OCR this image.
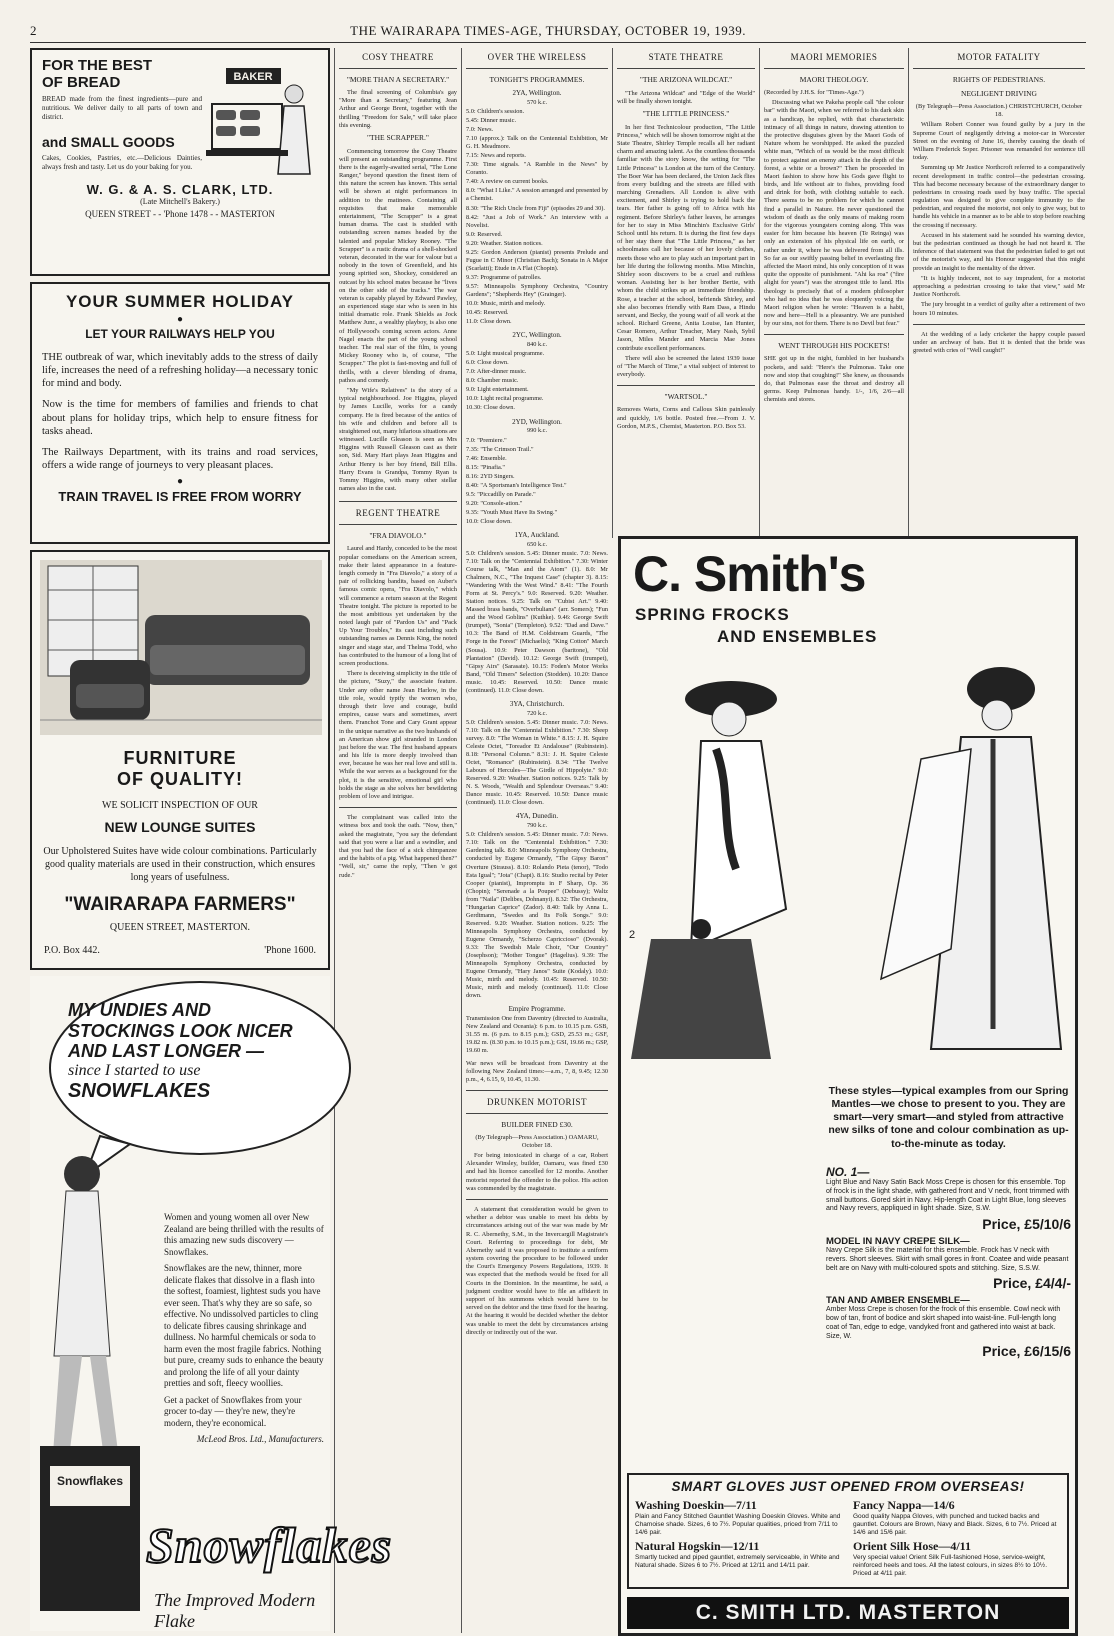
2	THE WAIRARAPA TIMES-AGE, THURSDAY, OCTOBER 19, 1939.
FOR THE BEST
OF BREAD
BREAD made from the finest ingredients—pure and nutritious. We deliver daily to all parts of town and district.
and SMALL GOODS
Cakes, Cookies, Pastries, etc.—Delicious Dainties, always fresh and tasty. Let us do your baking for you.
W. G. & A. S. CLARK, LTD.
(Late Mitchell's Bakery.)
QUEEN STREET - - 'Phone 1478 - - MASTERTON
BAKER
YOUR SUMMER HOLIDAY
●
LET YOUR RAILWAYS HELP YOU
THE outbreak of war, which inevitably adds to the stress of daily life, increases the need of a refreshing holiday—a necessary tonic for mind and body.
Now is the time for members of families and friends to chat about plans for holiday trips, which help to ensure fitness for tasks ahead.
The Railways Department, with its trains and road services, offers a wide range of journeys to very pleasant places.
●
TRAIN TRAVEL IS FREE FROM WORRY
FURNITURE
OF QUALITY!
WE SOLICIT INSPECTION OF OUR
NEW LOUNGE SUITES
Our Upholstered Suites have wide colour combinations. Particularly good quality materials are used in their construction, which ensures long years of usefulness.
"WAIRARAPA FARMERS"
QUEEN STREET, MASTERTON.
P.O. Box 442.	'Phone 1600.
MY UNDIES AND
STOCKINGS LOOK NICER
AND LAST LONGER —
since I started to use
SNOWFLAKES

Women and young women all over New Zealand are being thrilled with the results of this amazing new suds discovery — Snowflakes.

Snowflakes are the new, thinner, more delicate flakes that dissolve in a flash into the softest, foamiest, lightest suds you have ever seen. That's why they are so safe, so effective. No undissolved particles to cling to delicate fibres causing shrinkage and dullness. No harmful chemicals or soda to harm even the most fragile fabrics. Nothing but pure, creamy suds to enhance the beauty and prolong the life of all your dainty pretties and soft, fleecy woollies.

Get a packet of Snowflakes from your grocer to-day — they're new, they're modern, they're economical.

McLeod Bros. Ltd., Manufacturers.

Snowflakes
Snowflakes
The Improved Modern Flake
COSY THEATRE
"MORE THAN A SECRETARY."

The final screening of Columbia's gay "More than a Secretary," featuring Jean Arthur and George Brent, together with the thrilling "Freedom for Sale," will take place this evening.

"THE SCRAPPER."

Commencing tomorrow the Cosy Theatre will present an outstanding programme. First there is the eagerly-awaited serial, "The Lone Ranger," beyond question the finest item of this nature the screen has known. This serial will be shown at night performances in addition to the matinees. Containing all requisites that make memorable entertainment, "The Scrapper" is a great human drama. The cast is studded with outstanding screen names headed by the talented and popular Mickey Rooney. "The Scrapper" is a rustic drama of a shell-shocked veteran, decorated in the war for valour but a nobody in the town of Greenfield, and his young spirited son, Shockey, considered an outcast by his school mates because he "lives on the other side of the tracks." The war veteran is capably played by Edward Pawley, an experienced stage star who is seen in his initial dramatic role. Frank Shields as Jock Matthew Junr., a wealthy playboy, is also one of Hollywood's coming screen actors. Anne Nagel enacts the part of the young school teacher. The real star of the film, is young Mickey Rooney who is, of course, "The Scrapper." The plot is fast-moving and full of thrills, with a clever blending of drama, pathos and comedy.

"My Wife's Relatives" is the story of a typical neighbourhood. Joe Higgins, played by James Lucille, works for a candy company. He is fired because of the antics of his wife and children and before all is straightened out, many hilarious situations are witnessed. Lucille Gleason is seen as Mrs Higgins with Russell Gleason cast as their son, Sid. Mary Hart plays Jean Higgins and Arthur Henry is her boy friend, Bill Ellis. Harry Evans is Grandpa, Tommy Ryan is Tommy Higgins, with many other stellar names also in the cast.

REGENT THEATRE
"FRA DIAVOLO."

Laurel and Hardy, conceded to be the most popular comedians on the American screen, make their latest appearance in a feature-length comedy in "Fra Diavolo," a story of a pair of rollicking bandits, based on Auber's famous comic opera, "Fra Diavolo," which will commence a return season at the Regent Theatre tonight. The picture is reported to be the most ambitious yet undertaken by the noted laugh pair of "Pardon Us" and "Pack Up Your Troubles," its cast including such outstanding names as Dennis King, the noted singer and stage star, and Thelma Todd, who has contributed to the humour of a long list of screen productions.

There is deceiving simplicity in the title of the picture, "Suzy," the associate feature. Under any other name Jean Harlow, in the title role, would typify the women who, through their love and courage, build empires, cause wars and sometimes, avert them. Franchot Tone and Cary Grant appear in the unique narrative as the two husbands of an American show girl stranded in London just before the war. The first husband appears and his life is more deeply involved than ever, because he was her real love and still is. While the war serves as a background for the plot, it is the sensitive, emotional girl who holds the stage as she solves her bewildering problem of love and intrigue.

The complainant was called into the witness box and took the oath. "Now, then," asked the magistrate, "you say the defendant said that you were a liar and a swindler, and that you had the face of a sick chimpanzee and the habits of a pig. What happened then?" "Well, sir," came the reply, "Then 'e got rude."

OVER THE WIRELESS
TONIGHT'S PROGRAMMES.
2YA, Wellington.
570 k.c.
5.0: Children's session.
5.45: Dinner music.
7.0: News.
7.10 (approx.): Talk on the Centennial Exhibition, Mr G. H. Meadmore.
7.15: News and reports.
7.30: Time signals. "A Ramble in the News" by Coranto.
7.40: A review on current books.
8.0: "What I Like." A session arranged and presented by a Chemist.
8.30: "The Rich Uncle from Fiji" (episodes 29 and 30).
8.42: "Just a Job of Work." An interview with a Novelist.
9.0: Reserved.
9.20: Weather. Station notices.
9.25: Gordon Anderson (pianist) presents Prelude and Fugue in C Minor (Christian Bach); Sonata in A Major (Scarlatti); Etude in A Flat (Chopin).
9.37: Programme of patrolles.
9.57: Minneapolis Symphony Orchestra, "Country Gardens"; "Shepherds Hey" (Grainger).
10.0: Music, mirth and melody.
10.45: Reserved.
11.0: Close down.
2YC, Wellington.
840 k.c.
5.0: Light musical programme.
6.0: Close down.
7.0: After-dinner music.
8.0: Chamber music.
9.0: Light entertainment.
10.0: Light recital programme.
10.30: Close down.
2YD, Wellington.
990 k.c.
7.0: "Premiere."
7.35: "The Crimson Trail."
7.46: Ensemble.
8.15: "Pinafia."
8.16: 2YD Singers.
8.40: "A Sportsman's Intelligence Test."
9.5: "Piccadilly on Parade."
9.20: "Console-ation."
9.35: "Youth Must Have Its Swing."
10.0: Close down.
1YA, Auckland.
650 k.c.
5.0: Children's session. 5.45: Dinner music. 7.0: News. 7.10: Talk on the "Centennial Exhibition." 7.30: Winter Course talk, "Man and the Atom" (1). 8.0: Mr Chalmers, N.C., "The Inquest Case" (chapter 3). 8.15: "Wandering With the West Wind." 8.41: "The Fourth Form at St. Percy's." 9.0: Reserved. 9.20: Weather. Station notices. 9.25: Talk on "Cubist Art." 9.40: Massed brass bands, "Overbulians" (arr. Somers); "Fun and the Wood Goblins" (Kuthke). 9.46: George Swift (trumpet), "Sonia" (Templeton). 9.52: "Dad and Dave." 10.3: The Band of H.M. Coldstream Guards, "The Forge in the Forest" (Michaelis); "King Cotton" March (Sousa). 10.9: Peter Dawson (baritone), "Old Plantation" (David). 10.12: George Swift (trumpet), "Gipsy Airs" (Sarasate). 10.15: Foden's Motor Works Band, "Old Timers" Selection (Stodden). 10.20: Dance music. 10.45: Reserved. 10.50: Dance music (continued). 11.0: Close down.
3YA, Christchurch.
720 k.c.
5.0: Children's session. 5.45: Dinner music. 7.0: News. 7.10: Talk on the "Centennial Exhibition." 7.30: Sheep survey. 8.0: "The Woman in White." 8.15: J. H. Squire Celeste Octet, "Toreador Et Andalouse" (Rubinstein). 8.18: "Personal Column." 8.31: J. H. Squire Celeste Octet, "Romance" (Rubinstein). 8.34: "The Twelve Labours of Hercules—The Girdle of Hippolyte." 9.0: Reserved. 9.20: Weather. Station notices. 9.25: Talk by N. S. Woods, "Wealth and Splendour Overseas." 9.40: Dance music. 10.45: Reserved. 10.50: Dance music (continued). 11.0: Close down.
4YA, Dunedin.
790 k.c.
5.0: Children's session. 5.45: Dinner music. 7.0: News. 7.10: Talk on the "Centennial Exhibition." 7.30: Gardening talk. 8.0: Minneapolis Symphony Orchestra, conducted by Eugene Ormandy, "The Gipsy Baron" Overture (Strauss). 8.10: Rolando Pieta (tenor), "Todo Esta Igual"; "Jota" (Chapi). 8.16: Studio recital by Peter Cooper (pianist), Impromptu in F Sharp, Op. 36 (Chopin); "Serenade a la Poupee" (Debussy); Waltz from "Naila" (Delibes, Dohnanyi). 8.32: The Orchestra, "Hungarian Caprice" (Zador). 8.40: Talk by Anna L. Gerdtmann, "Swedes and Its Folk Songs." 9.0: Reserved. 9.20: Weather. Station notices. 9.25: The Minneapolis Symphony Orchestra, conducted by Eugene Ormandy, "Scherzo Capriccioso" (Dvorak). 9.33: The Swedish Male Choir, "Our Country" (Josephson); "Mother Tongue" (Hagelius). 9.39: The Minneapolis Symphony Orchestra, conducted by Eugene Ormandy, "Hary Janos" Suite (Kodaly). 10.0: Music, mirth and melody. 10.45: Reserved. 10.50: Music, mirth and melody (continued). 11.0: Close down.
Empire Programme.
Transmission One from Daventry (directed to Australia, New Zealand and Oceania): 6 p.m. to 10.15 p.m. GSB, 31.55 m. (6 p.m. to 8.15 p.m.); GSD, 25.53 m.; GSF, 19.82 m. (8.30 p.m. to 10.15 p.m.); GSI, 19.66 m.; GSP, 19.60 m.
War news will be broadcast from Daventry at the following New Zealand times:—a.m., 7, 8, 9.45; 12.30 p.m., 4, 6.15, 9, 10.45, 11.30.
DRUNKEN MOTORIST
BUILDER FINED £30.
(By Telegraph—Press Association.) OAMARU, October 18.

For being intoxicated in charge of a car, Robert Alexander Winsley, builder, Oamaru, was fined £30 and had his licence cancelled for 12 months. Another motorist reported the offender to the police. His action was commended by the magistrate.

A statement that consideration would be given to whether a debtor was unable to meet his debts by circumstances arising out of the war was made by Mr R. C. Abernethy, S.M., in the Invercargill Magistrate's Court. Referring to proceedings for debt, Mr Abernethy said it was proposed to institute a uniform system covering the procedure to be followed under the Court's Emergency Powers Regulations, 1939. It was expected that the methods would be fixed for all Courts in the Dominion. In the meantime, he said, a judgment creditor would have to file an affidavit in support of his summons which would have to be served on the debtor and the time fixed for the hearing. At the hearing it would be decided whether the debtor was unable to meet the debt by circumstances arising directly or indirectly out of the war.

STATE THEATRE
"THE ARIZONA WILDCAT."

"The Arizona Wildcat" and "Edge of the World" will be finally shown tonight.

"THE LITTLE PRINCESS."

In her first Technicolour production, "The Little Princess," which will be shown tomorrow night at the State Theatre, Shirley Temple recalls all her radiant charm and amazing talent. As the countless thousands familiar with the story know, the setting for "The Little Princess" is London at the turn of the Century. The Boer War has been declared, the Union Jack flies from every building and the streets are filled with marching Grenadiers. All London is alive with excitement, and Shirley is trying to hold back the tears. Her father is going off to Africa with his regiment. Before Shirley's father leaves, he arranges for her to stay in Miss Minchin's Exclusive Girls' School until his return. It is during the first few days of her stay there that "The Little Princess," as her schoolmates call her because of her lovely clothes, meets those who are to play such an important part in her life during the following months. Miss Minchin, Shirley soon discovers to be a cruel and ruthless woman. Assisting her is her brother Bertie, with whom the child strikes up an immediate friendship. Rose, a teacher at the school, befriends Shirley, and she also becomes friendly with Ram Dass, a Hindu servant, and Becky, the young waif of all work at the school. Richard Greene, Anita Louise, Ian Hunter, Cesar Romero, Arthur Treacher, Mary Nash, Sybil Jason, Miles Mander and Marcia Mae Jones contribute excellent performances.

There will also be screened the latest 1939 issue of "The March of Time," a vital subject of interest to everybody.

"WARTSOL."
Removes Warts, Corns and Callous Skin painlessly and quickly, 1/6 bottle. Posted free.—From J. V. Gordon, M.P.S., Chemist, Masterton. P.O. Box 53.
MAORI MEMORIES
MAORI THEOLOGY.
(Recorded by J.H.S. for "Times-Age.")

Discussing what we Pakeha people call "the colour bar" with the Maori, when we referred to his dark skin as a handicap, he replied, with that characteristic intimacy of all things in nature, drawing attention to the protective disguises given by the Maori Gods of Nature whom he worshipped. He asked the puzzled white man, "Which of us would be the most difficult to protect against an enemy attack in the depth of the forest, a white or a brown?" Then he proceeded in Maori fashion to show how his Gods gave flight to birds, and life without air to fishes, providing food and drink for both, with clothing suitable to each. There seems to be no problem for which he cannot find a parallel in Nature. He never questioned the wisdom of death as the only means of making room for the vigorous youngsters coming along. This was easier for him because his heaven (Te Reinga) was only an extension of his physical life on earth, or rather under it, where he was delivered from all ills. So far as our swiftly passing belief in everlasting fire affected the Maori mind, his only conception of it was quite the opposite of punishment. "Ahi ka roa" ("fire alight for years") was the strongest title to land. His theology is precisely that of a modern philosopher who had no idea that he was eloquently voicing the Maori religion when he wrote: "Heaven is a habit, now and here—Hell is a pleasantry. We are punished by our sins, not for them. There is no Devil but fear."

WENT THROUGH HIS POCKETS!
SHE got up in the night, fumbled in her husband's pockets, and said: "Here's the Pulmonas. Take one now and stop that coughing!" She knew, as thousands do, that Pulmonas ease the throat and destroy all germs. Keep Pulmonas handy. 1/-, 1/6, 2/6—all chemists and stores.
MOTOR FATALITY
RIGHTS OF PEDESTRIANS.
NEGLIGENT DRIVING
(By Telegraph—Press Association.) CHRISTCHURCH, October 18.

William Robert Conner was found guilty by a jury in the Supreme Court of negligently driving a motor-car in Worcester Street on the evening of June 16, thereby causing the death of William Frederick Soper. Prisoner was remanded for sentence till today.

Summing up Mr Justice Northcroft referred to a comparatively recent development in traffic control—the pedestrian crossing. This had become necessary because of the extraordinary danger to pedestrians in crossing roads used by busy traffic. The special regulation was designed to give complete immunity to the pedestrian, and required the motorist, not only to give way, but to handle his vehicle in a manner as to be able to stop before reaching the crossing if necessary.

Accused in his statement said he sounded his warning device, but the pedestrian continued as though he had not heard it. The inference of that statement was that the pedestrian failed to get out of the motorist's way, and his Honour suggested that this might provide an insight to the mentality of the driver.

"It is highly indecent, not to say imprudent, for a motorist approaching a pedestrian crossing to take that view," said Mr Justice Northcroft.

The jury brought in a verdict of guilty after a retirement of two hours 10 minutes.

At the wedding of a lady cricketer the happy couple passed under an archway of bats. But it is denied that the bride was greeted with cries of "Well caught!"

C. Smith's
SPRING FROCKS
AND ENSEMBLES
2
These styles—typical examples from our Spring Mantles—we chose to present to you. They are smart—very smart—and styled from attractive new silks of tone and colour combination as up-to-the-minute as today.
NO. 1—
Light Blue and Navy Satin Back Moss Crepe is chosen for this ensemble. Top of frock is in the light shade, with gathered front and V neck, front trimmed with small buttons. Gored skirt in Navy. Hip-length Coat in Light Blue, long sleeves and Navy revers, appliqued in light shade. Size, S.W.
Price, £5/10/6
MODEL IN NAVY CREPE SILK—
Navy Crepe Silk is the material for this ensemble. Frock has V neck with revers. Short sleeves. Skirt with small gores in front. Coatee and wide peasant belt are on Navy with multi-coloured spots and stitching. Size, S.S.W.
Price, £4/4/-
TAN AND AMBER ENSEMBLE—
Amber Moss Crepe is chosen for the frock of this ensemble. Cowl neck with bow of tan, front of bodice and skirt shaped into waist-line. Full-length long coat of Tan, edge to edge, vandyked front and gathered into waist at back. Size, W.
Price, £6/15/6
SMART GLOVES JUST OPENED FROM OVERSEAS!
Washing Doeskin—7/11
Plain and Fancy Stitched Gauntlet Washing Doeskin Gloves. White and Chamoise shade. Sizes, 6 to 7½. Popular qualities, priced from 7/11 to 14/6 pair.
Fancy Nappa—14/6
Good quality Nappa Gloves, with punched and tucked backs and gauntlet. Colours are Brown, Navy and Black. Sizes, 6 to 7½. Priced at 14/6 and 15/6 pair.
Natural Hogskin—12/11
Smartly tucked and piped gauntlet, extremely serviceable, in White and Natural shade. Sizes 6 to 7½. Priced at 12/11 and 14/11 pair.
Orient Silk Hose—4/11
Very special value! Orient Silk Full-fashioned Hose, service-weight, reinforced heels and toes. All the latest colours, in sizes 8½ to 10½. Priced at 4/11 pair.
C. SMITH LTD. MASTERTON
